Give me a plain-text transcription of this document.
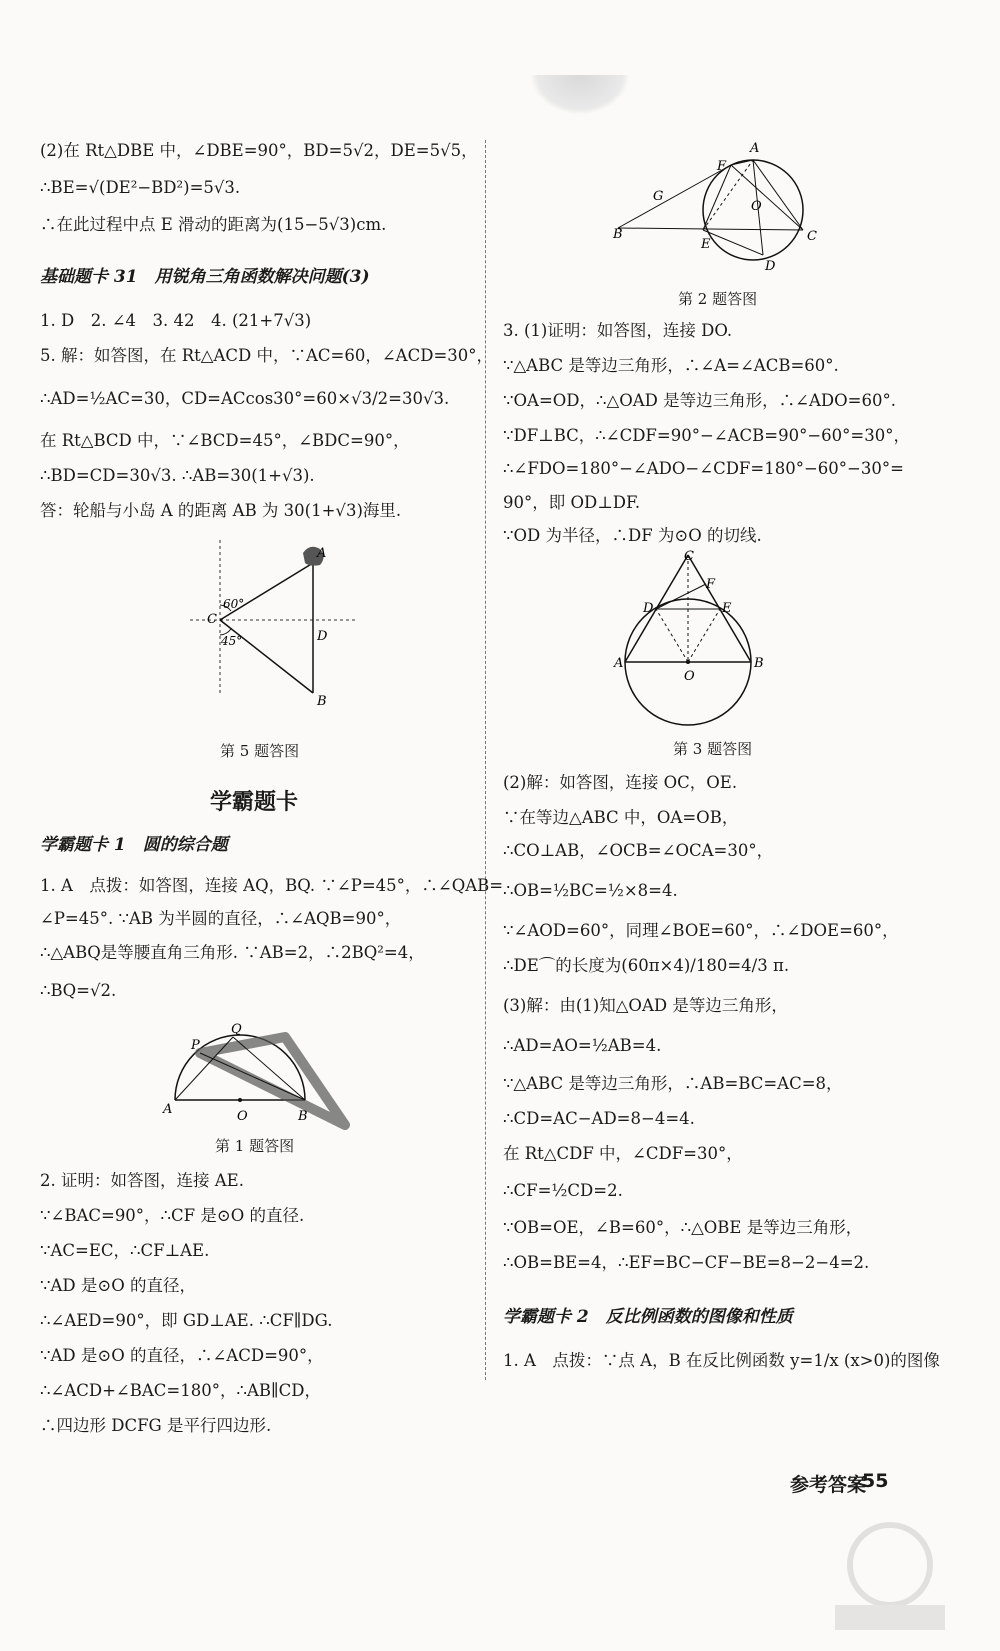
(2)在 Rt△DBE 中，∠DBE=90°，BD=5√2，DE=5√5，
∴BE=√(DE²−BD²)=5√3.
∴在此过程中点 E 滑动的距离为(15−5√3)cm.
基础题卡 31　用锐角三角函数解决问题(3)
1. D　2. ∠4　3. 42　4. (21+7√3)
5. 解：如答图，在 Rt△ACD 中，∵AC=60，∠ACD=30°，
∴AD=½AC=30，CD=ACcos30°=60×√3/2=30√3.
在 Rt△BCD 中，∵∠BCD=45°，∠BDC=90°，
∴BD=CD=30√3. ∴AB=30(1+√3).
答：轮船与小岛 A 的距离 AB 为 30(1+√3)海里.
C
A
D
B
60°
45°
第 5 题答图
学霸题卡
学霸题卡 1　圆的综合题
1. A　点拨：如答图，连接 AQ，BQ. ∵∠P=45°，∴∠QAB=
∠P=45°. ∵AB 为半圆的直径，∴∠AQB=90°，
∴△ABQ是等腰直角三角形. ∵AB=2，∴2BQ²=4，
∴BQ=√2.
A	O	B
P
Q
第 1 题答图
2. 证明：如答图，连接 AE.
∵∠BAC=90°，∴CF 是⊙O 的直径.
∵AC=EC，∴CF⊥AE.
∵AD 是⊙O 的直径，
∴∠AED=90°，即 GD⊥AE. ∴CF∥DG.
∵AD 是⊙O 的直径，∴∠ACD=90°，
∴∠ACD+∠BAC=180°，∴AB∥CD，
∴四边形 DCFG 是平行四边形.
A
F
G
O
B
E
C
D
第 2 题答图
3. (1)证明：如答图，连接 DO.
∵△ABC 是等边三角形，∴∠A=∠ACB=60°.
∵OA=OD，∴△OAD 是等边三角形，∴∠ADO=60°.
∵DF⊥BC，∴∠CDF=90°−∠ACB=90°−60°=30°，
∴∠FDO=180°−∠ADO−∠CDF=180°−60°−30°=
90°，即 OD⊥DF.
∵OD 为半径，∴DF 为⊙O 的切线.
C
F
D	E
A	B
O
第 3 题答图
(2)解：如答图，连接 OC，OE.
∵在等边△ABC 中，OA=OB，
∴CO⊥AB，∠OCB=∠OCA=30°，
∴OB=½BC=½×8=4.
∵∠AOD=60°，同理∠BOE=60°，∴∠DOE=60°，
∴DE⌒的长度为(60π×4)/180=4/3 π.
(3)解：由(1)知△OAD 是等边三角形，
∴AD=AO=½AB=4.
∵△ABC 是等边三角形，∴AB=BC=AC=8，
∴CD=AC−AD=8−4=4.
在 Rt△CDF 中，∠CDF=30°，
∴CF=½CD=2.
∵OB=OE，∠B=60°，∴△OBE 是等边三角形，
∴OB=BE=4，∴EF=BC−CF−BE=8−2−4=2.
学霸题卡 2　反比例函数的图像和性质
1. A　点拨：∵点 A，B 在反比例函数 y=1/x (x>0)的图像
参考答案
55
